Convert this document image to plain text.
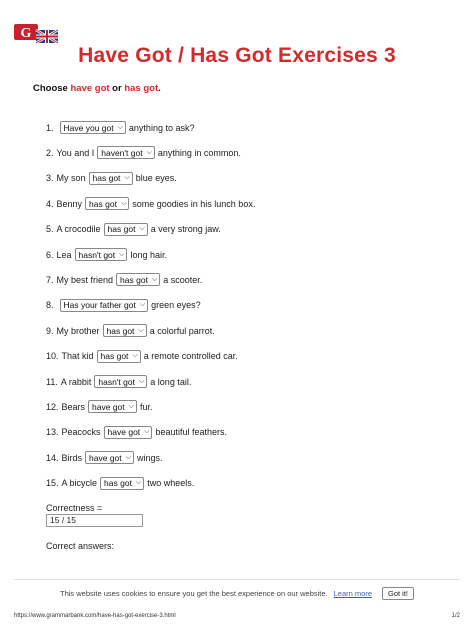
G
Have Got / Has Got Exercises 3
Choose have got or has got.
1. Have you got ⌵ anything to ask?
2. You and I haven't got ⌵ anything in common.
3. My son has got ⌵ blue eyes.
4. Benny has got ⌵ some goodies in his lunch box.
5. A crocodile has got ⌵ a very strong jaw.
6. Lea hasn't got ⌵ long hair.
7. My best friend has got ⌵ a scooter.
8. Has your father got ⌵ green eyes?
9. My brother has got ⌵ a colorful parrot.
10. That kid has got ⌵ a remote controlled car.
11. A rabbit hasn't got ⌵ a long tail.
12. Bears have got ⌵ fur.
13. Peacocks have got ⌵ beautiful feathers.
14. Birds have got ⌵ wings.
15. A bicycle has got ⌵ two wheels.
Correctness =
15 / 15
Correct answers:
This website uses cookies to ensure you get the best experience on our website. Learn more	Got it!
https://www.grammarbank.com/have-has-got-exercise-3.html	1/2
